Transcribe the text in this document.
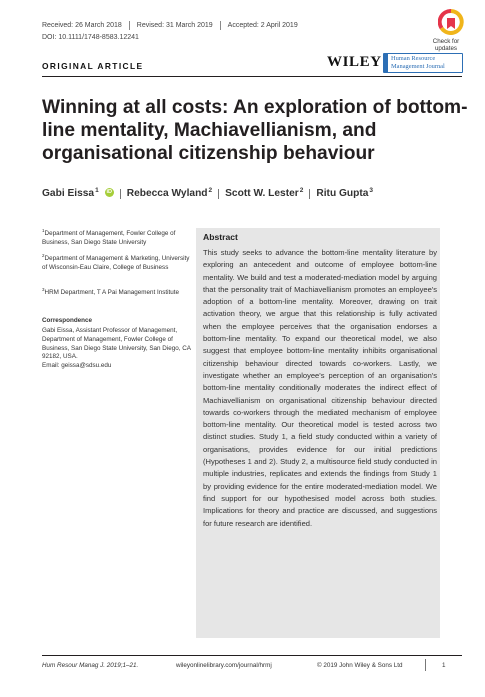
Received: 26 March 2018 Revised: 31 March 2019 Accepted: 2 April 2019
DOI: 10.1111/1748-8583.12241
Check for
updates
ORIGINAL ARTICLE	WILEY Human Resource
Management Journal
Winning at all costs: An exploration of bottom-line mentality, Machiavellianism, and organisational citizenship behaviour
Gabi Eissa$^1$	iD Rebecca Wyland$^2$ Scott W. Lester$^2$ Ritu Gupta$^3$
$^1$Department of Management, Fowler College of Business, San Diego State University
$^2$Department of Management & Marketing, University of Wisconsin-Eau Claire, College of Business
$^3$HRM Department, T A Pai Management Institute
Correspondence
Gabi Eissa, Assistant Professor of Management, Department of Management, Fowler College of Business, San Diego State University, San Diego, CA 92182, USA.
Email: geissa@sdsu.edu
Abstract
This study seeks to advance the bottom-line mentality literature by exploring an antecedent and outcome of employee bottom-line mentality. We build and test a moderated-mediation model by arguing that the personality trait of Machiavellianism promotes an employee's adoption of a bottom-line mentality. Moreover, drawing on trait activation theory, we argue that this relationship is fully activated when the employee perceives that the organisation endorses a bottom-line mentality. To expand our theoretical model, we also suggest that employee bottom-line mentality inhibits organisational citizenship behaviour directed towards co-workers. Lastly, we investigate whether an employee's perception of an organisation's bottom-line mentality conditionally moderates the indirect effect of Machiavellianism on organisational citizenship behaviour directed towards co-workers through the mediated mechanism of employee bottom-line mentality. Our theoretical model is tested across two distinct studies. Study 1, a field study conducted within a variety of organisations, provides evidence for our initial predictions (Hypotheses 1 and 2). Study 2, a multisource field study conducted in multiple industries, replicates and extends the findings from Study 1 by providing evidence for the entire moderated-mediation model. We find support for our hypothesised model across both studies. Implications for theory and practice are discussed, and suggestions for future research are identified.
Hum Resour Manag J. 2019;1–21.	wileyonlinelibrary.com/journal/hrmj	© 2019 John Wiley & Sons Ltd	1
